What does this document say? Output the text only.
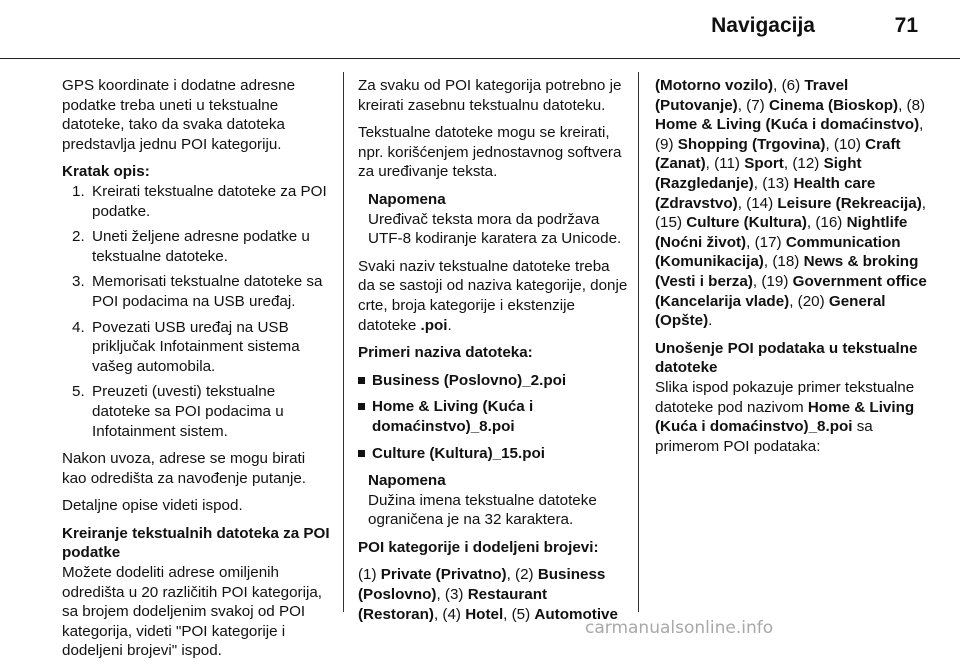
Navigacija	71

GPS koordinate i dodatne adresne podatke treba uneti u tekstualne datoteke, tako da svaka datoteka predstavlja jednu POI kategoriju.

Kratak opis:
1. Kreirati tekstualne datoteke za POI podatke.
2. Uneti željene adresne podatke u tekstualne datoteke.
3. Memorisati tekstualne datoteke sa POI podacima na USB uređaj.
4. Povezati USB uređaj na USB priključak Infotainment sistema vašeg automobila.
5. Preuzeti (uvesti) tekstualne datoteke sa POI podacima u Infotainment sistem.

Nakon uvoza, adrese se mogu birati kao odredišta za navođenje putanje.

Detaljne opise videti ispod.

Kreiranje tekstualnih datoteka za POI podatke

Možete dodeliti adrese omiljenih odredišta u 20 različitih POI kategorija, sa brojem dodeljenim svakoj od POI kategorija, videti "POI kategorije i dodeljeni brojevi" ispod.

Za svaku od POI kategorija potrebno je kreirati zasebnu tekstualnu datoteku.

Tekstualne datoteke mogu se kreirati, npr. korišćenjem jednostavnog softvera za uređivanje teksta.

Napomena
Uređivač teksta mora da podržava UTF-8 kodiranje karatera za Unicode.

Svaki naziv tekstualne datoteke treba da se sastoji od naziva kategorije, donje crte, broja kategorije i ekstenzije datoteke .poi.

Primeri naziva datoteka:

Business (Poslovno)_2.poi
Home & Living (Kuća i domaćinstvo)_8.poi
Culture (Kultura)_15.poi
Napomena
Dužina imena tekstualne datoteke ograničena je na 32 karaktera.

POI kategorije i dodeljeni brojevi:

(1) Private (Privatno), (2) Business (Poslovno), (3) Restaurant (Restoran), (4) Hotel, (5) Automotive

(Motorno vozilo), (6) Travel (Putovanje), (7) Cinema (Bioskop), (8) Home & Living (Kuća i domaćinstvo), (9) Shopping (Trgovina), (10) Craft (Zanat), (11) Sport, (12) Sight (Razgledanje), (13) Health care (Zdravstvo), (14) Leisure (Rekreacija), (15) Culture (Kultura), (16) Nightlife (Noćni život), (17) Communication (Komunikacija), (18) News & broking (Vesti i berza), (19) Government office (Kancelarija vlade), (20) General (Opšte).

Unošenje POI podataka u tekstualne datoteke

Slika ispod pokazuje primer tekstualne datoteke pod nazivom Home & Living (Kuća i domaćinstvo)_8.poi sa primerom POI podataka:

carmanualsonline.info
